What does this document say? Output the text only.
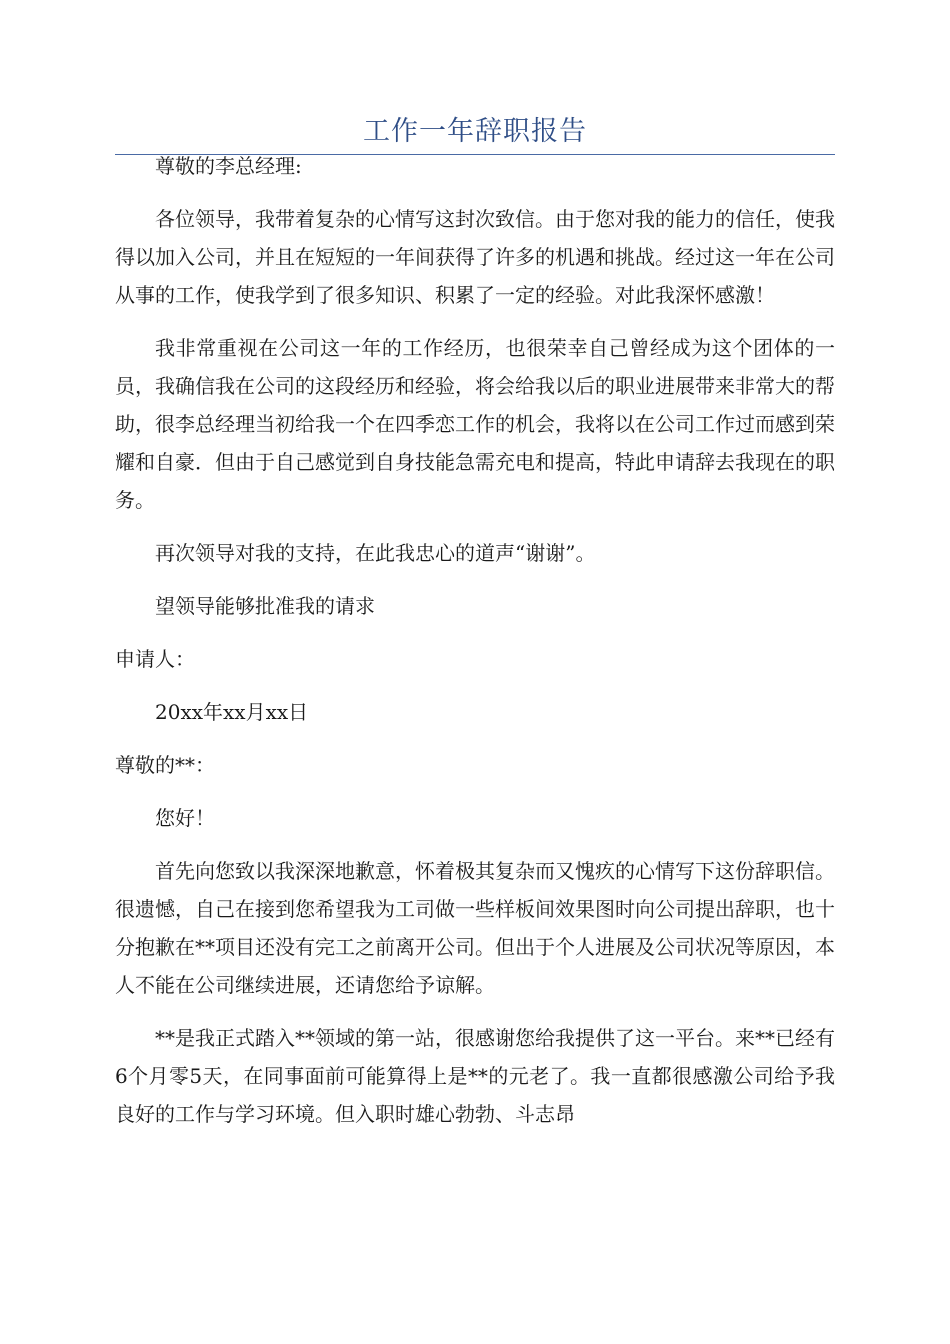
工作一年辞职报告

尊敬的李总经理:

各位领导，我带着复杂的心情写这封次致信。由于您对我的能力的信任，使我得以加入公司，并且在短短的一年间获得了许多的机遇和挑战。经过这一年在公司从事的工作，使我学到了很多知识、积累了一定的经验。对此我深怀感激！

我非常重视在公司这一年的工作经历，也很荣幸自己曾经成为这个团体的一员，我确信我在公司的这段经历和经验，将会给我以后的职业进展带来非常大的帮助，很李总经理当初给我一个在四季恋工作的机会，我将以在公司工作过而感到荣耀和自豪．但由于自己感觉到自身技能急需充电和提高，特此申请辞去我现在的职务。

再次领导对我的支持，在此我忠心的道声“谢谢”。

望领导能够批准我的请求

申请人：

20xx年xx月xx日

尊敬的**：

您好！

首先向您致以我深深地歉意，怀着极其复杂而又愧疚的心情写下这份辞职信。很遗憾，自己在接到您希望我为工司做一些样板间效果图时向公司提出辞职，也十分抱歉在**项目还没有完工之前离开公司。但出于个人进展及公司状况等原因，本人不能在公司继续进展，还请您给予谅解。

**是我正式踏入**领域的第一站，很感谢您给我提供了这一平台。来**已经有6个月零5天，在同事面前可能算得上是**的元老了。我一直都很感激公司给予我良好的工作与学习环境。但入职时雄心勃勃、斗志昂
